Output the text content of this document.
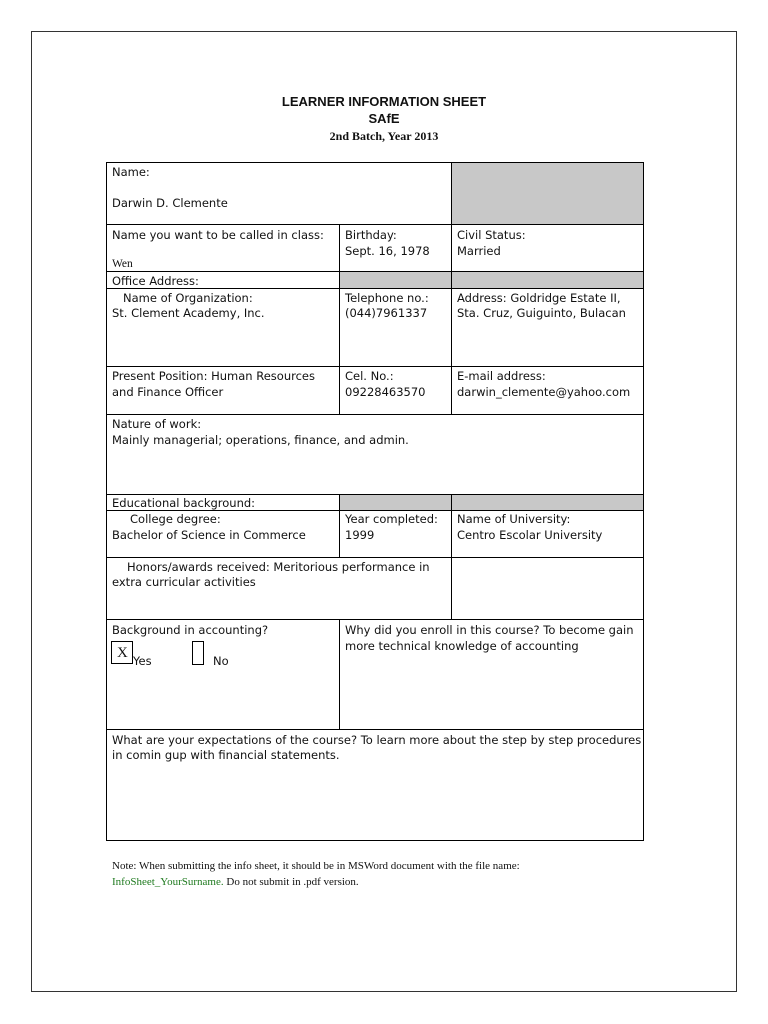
LEARNER INFORMATION SHEET
SAfE
2nd Batch, Year 2013
Name:
Darwin D. Clemente
Name you want to be called in class:
Wen
Birthday:
Sept. 16, 1978
Civil Status:
Married
Office Address:
Name of Organization:
St. Clement Academy, Inc.
Telephone no.:
(044)7961337
Address: Goldridge Estate II,
Sta. Cruz, Guiguinto, Bulacan
Present Position: Human Resources
and Finance Officer
Cel. No.:
09228463570
E-mail address:
darwin_clemente@yahoo.com
Nature of work:
Mainly managerial; operations, finance, and admin.
Educational background:
College degree:
Bachelor of Science in Commerce
Year completed:
1999
Name of University:
Centro Escolar University
Honors/awards received: Meritorious performance in
extra curricular activities
Background in accounting?
X Yes	No
Why did you enroll in this course? To become gain
more technical knowledge of accounting
What are your expectations of the course? To learn more about the step by step procedures
in comin gup with financial statements.
Note: When submitting the info sheet, it should be in MSWord document with the file name:
InfoSheet_YourSurname. Do not submit in .pdf version.
